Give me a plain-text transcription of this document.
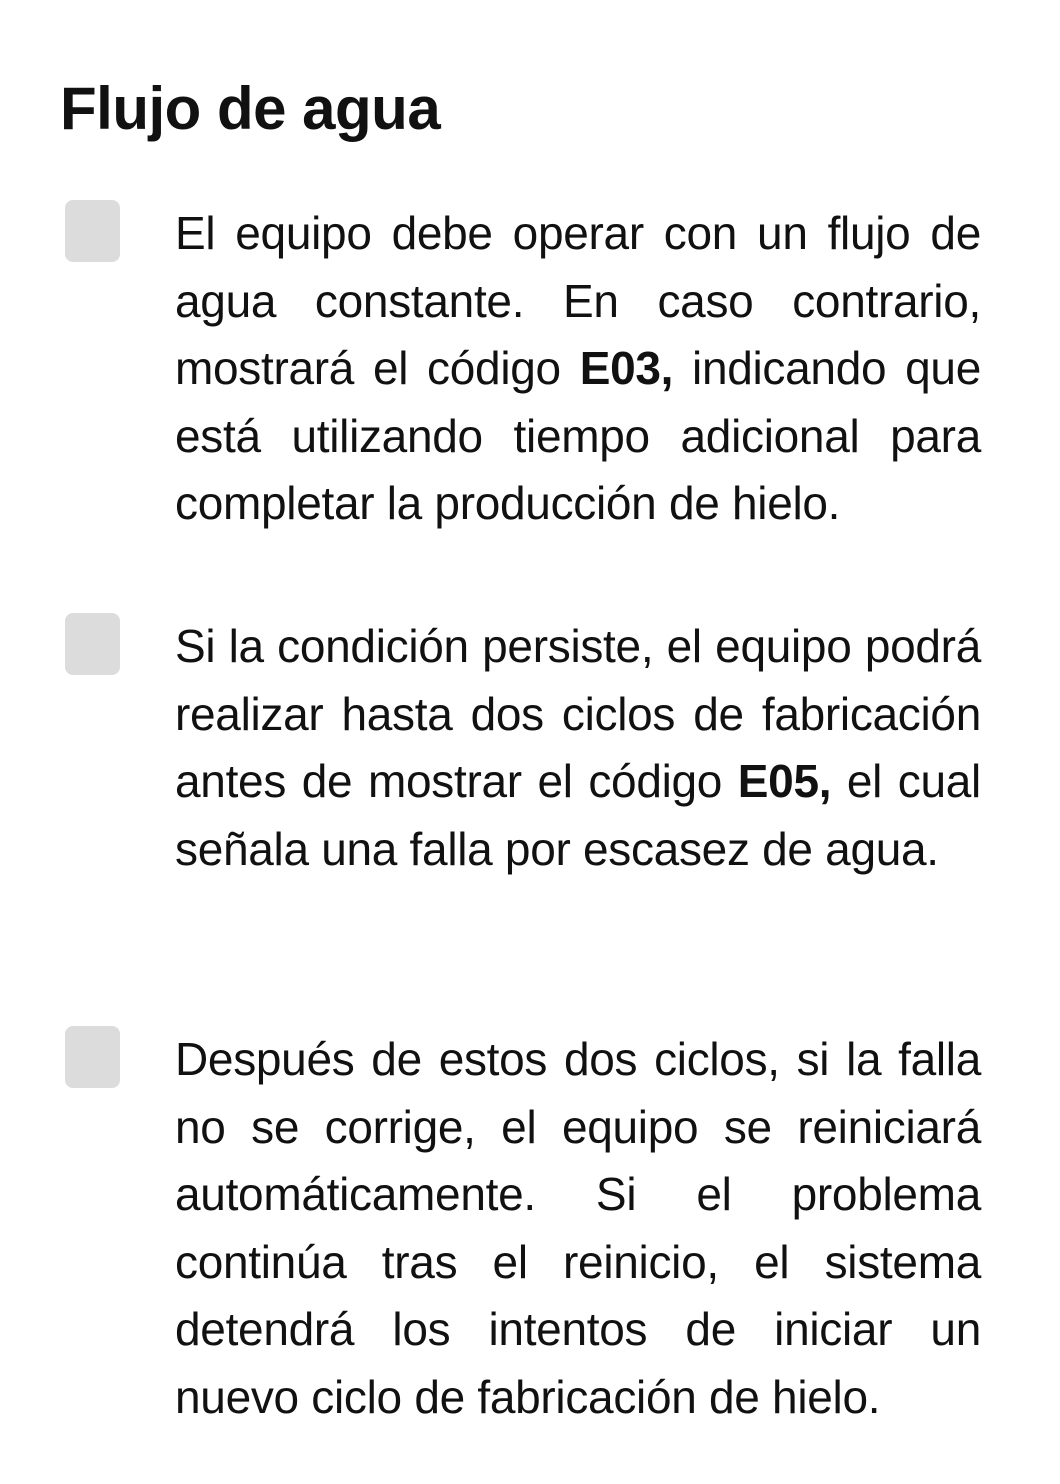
Flujo de agua

El equipo debe operar con un flujo de agua constante. En caso contrario, mostrará el código E03, indicando que está utilizando tiempo adicional para completar la producción de hielo.

Si la condición persiste, el equipo podrá realizar hasta dos ciclos de fabricación antes de mostrar el código E05, el cual señala una falla por escasez de agua.

Después de estos dos ciclos, si la falla no se corrige, el equipo se reiniciará automáticamente. Si el problema continúa tras el reinicio, el sistema detendrá los intentos de iniciar un nuevo ciclo de fabricación de hielo.
